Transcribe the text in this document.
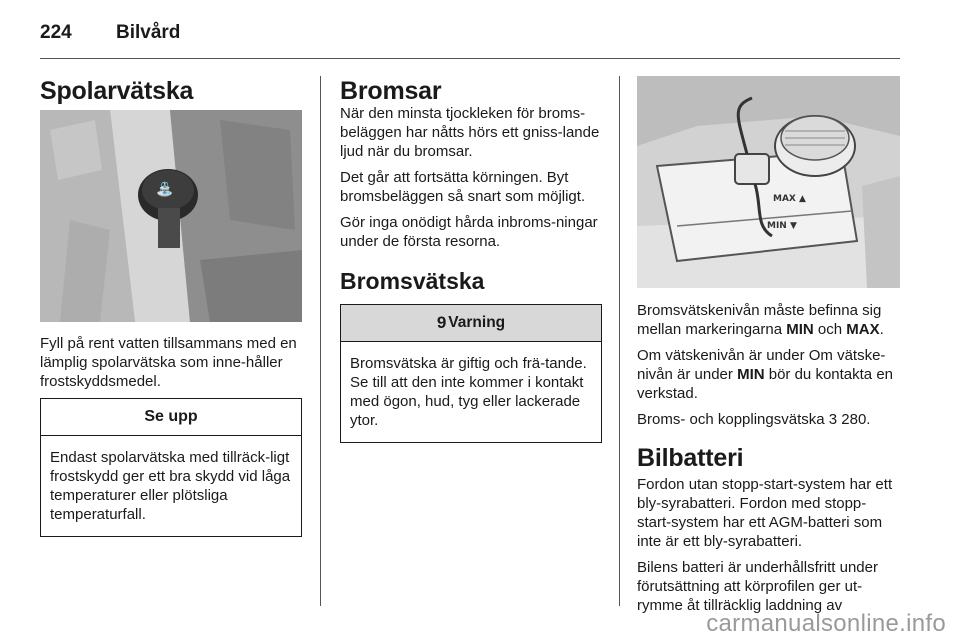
224 Bilvård
Spolarvätska
⛲

Fyll på rent vatten tillsammans med en lämplig spolarvätska som inne-håller frostskyddsmedel.

Se upp
Endast spolarvätska med tillräck-ligt frostskydd ger ett bra skydd vid låga temperaturer eller plötsliga temperaturfall.
Bromsar

När den minsta tjockleken för broms-beläggen har nåtts hörs ett gniss-lande ljud när du bromsar.

Det går att fortsätta körningen. Byt bromsbeläggen så snart som möjligt.

Gör inga onödigt hårda inbroms-ningar under de första resorna.

Bromsvätska
9 Varning
Bromsvätska är giftig och frä-tande. Se till att den inte kommer i kontakt med ögon, hud, tyg eller lackerade ytor.
MAX ▲
MIN ▼

Bromsvätskenivån måste befinna sig mellan markeringarna MIN och MAX.

Om vätskenivån är under Om vätske-nivån är under MIN bör du kontakta en verkstad.

Broms- och kopplingsvätska 3 280.

Bilbatteri

Fordon utan stopp-start-system har ett bly-syrabatteri. Fordon med stopp-start-system har ett AGM-batteri som inte är ett bly-syrabatteri.

Bilens batteri är underhållsfritt under förutsättning att körprofilen ger ut-rymme åt tillräcklig laddning av

carmanualsonline.info
